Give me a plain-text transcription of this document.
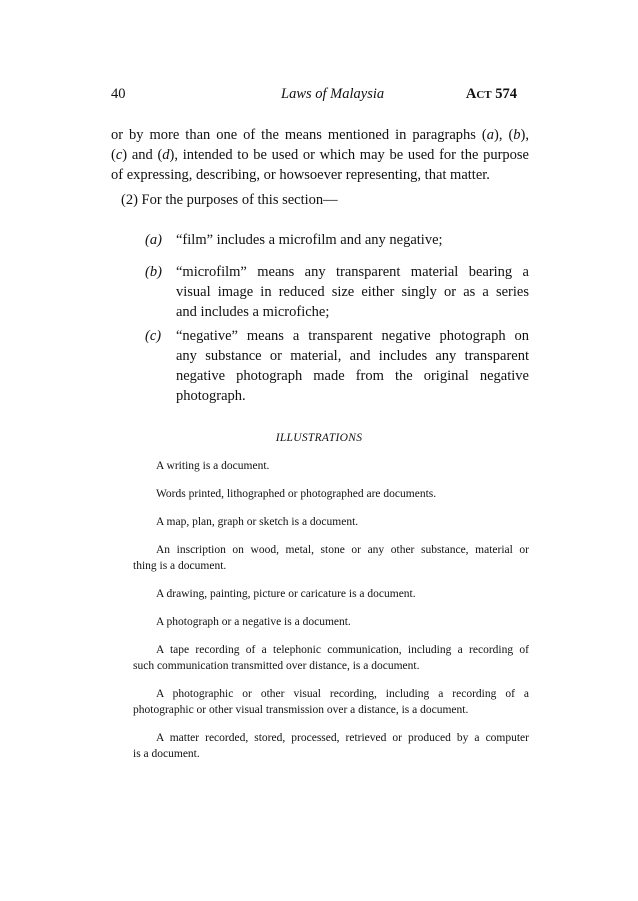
40	Laws of Malaysia	ACT 574
or by more than one of the means mentioned in paragraphs (a), (b),
(c) and (d), intended to be used or which may be used for the purpose
of expressing, describing, or howsoever representing, that matter.
(2) For the purposes of this section—
(a) “film” includes a microfilm and any negative;
(b) “microfilm” means any transparent material bearing a
visual image in reduced size either singly or as a series
and includes a microfiche;
(c) “negative” means a transparent negative photograph on
any substance or material, and includes any transparent
negative photograph made from the original negative
photograph.
ILLUSTRATIONS
A writing is a document.
Words printed, lithographed or photographed are documents.
A map, plan, graph or sketch is a document.
An inscription on wood, metal, stone or any other substance, material or
thing is a document.
A drawing, painting, picture or caricature is a document.
A photograph or a negative is a document.
A tape recording of a telephonic communication, including a recording of
such communication transmitted over distance, is a document.
A photographic or other visual recording, including a recording of a
photographic or other visual transmission over a distance, is a document.
A matter recorded, stored, processed, retrieved or produced by a computer
is a document.
